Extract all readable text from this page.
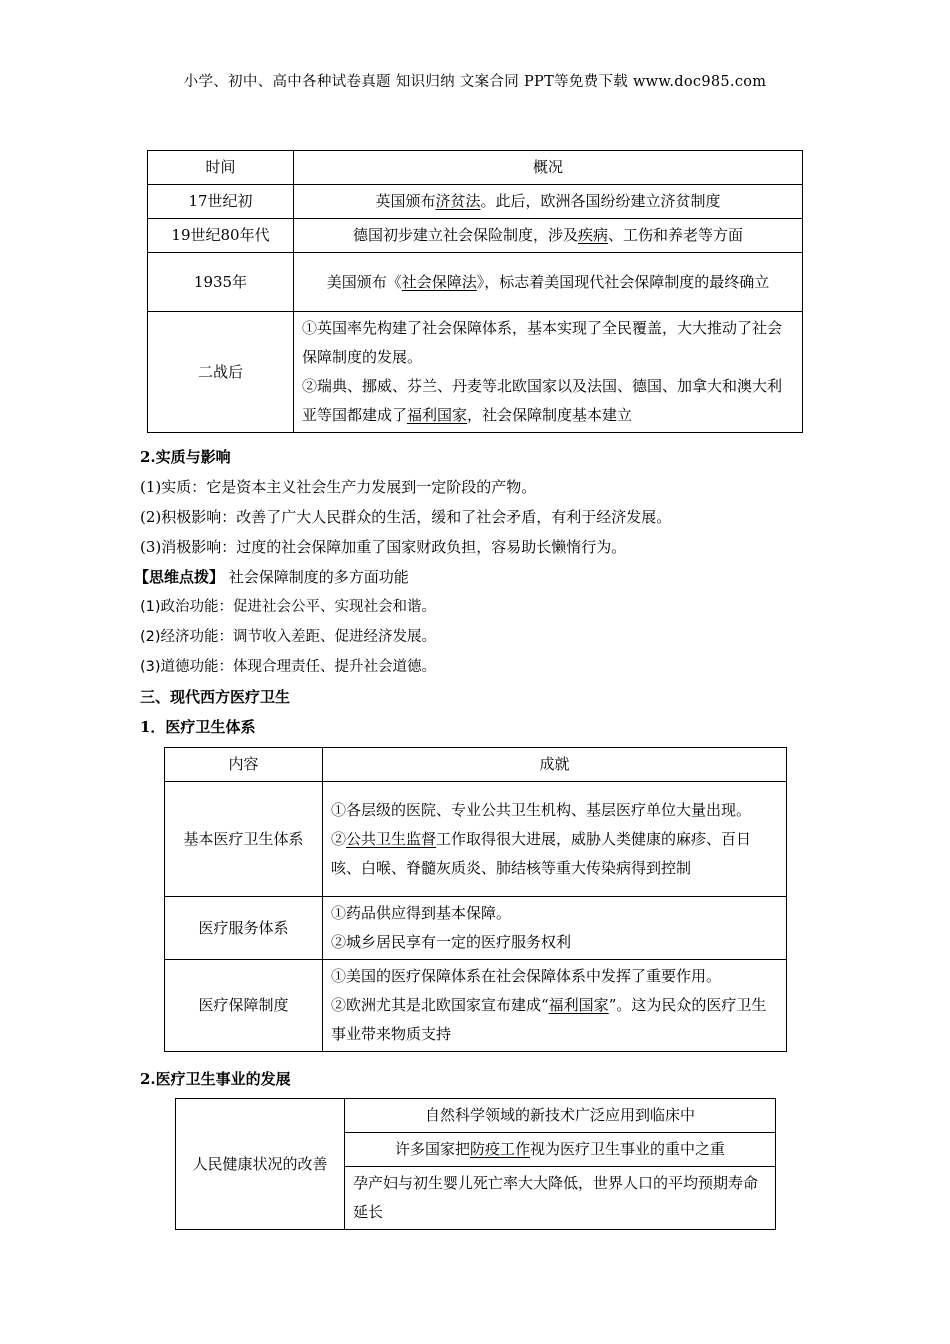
小学、初中、高中各种试卷真题 知识归纳 文案合同 PPT等免费下载 www.doc985.com
时间	概况
17世纪初	英国颁布济贫法。此后，欧洲各国纷纷建立济贫制度
19世纪80年代	德国初步建立社会保险制度，涉及疾病、工伤和养老等方面
1935年	美国颁布《社会保障法》，标志着美国现代社会保障制度的最终确立
二战后	①英国率先构建了社会保障体系，基本实现了全民覆盖，大大推动了社会保障制度的发展。
②瑞典、挪威、芬兰、丹麦等北欧国家以及法国、德国、加拿大和澳大利亚等国都建成了福利国家，社会保障制度基本建立
2.实质与影响
(1)实质：它是资本主义社会生产力发展到一定阶段的产物。
(2)积极影响：改善了广大人民群众的生活，缓和了社会矛盾，有利于经济发展。
(3)消极影响：过度的社会保障加重了国家财政负担，容易助长懒惰行为。
【思维点拨】 社会保障制度的多方面功能
(1)政治功能：促进社会公平、实现社会和谐。
(2)经济功能：调节收入差距、促进经济发展。
(3)道德功能：体现合理责任、提升社会道德。
三、现代西方医疗卫生
1．医疗卫生体系
内容	成就
基本医疗卫生体系	①各层级的医院、专业公共卫生机构、基层医疗单位大量出现。
②公共卫生监督工作取得很大进展，威胁人类健康的麻疹、百日咳、白喉、脊髓灰质炎、肺结核等重大传染病得到控制

医疗服务体系	①药品供应得到基本保障。
②城乡居民享有一定的医疗服务权利

医疗保障制度	①美国的医疗保障体系在社会保障体系中发挥了重要作用。
②欧洲尤其是北欧国家宣布建成“福利国家”。这为民众的医疗卫生事业带来物质支持
2.医疗卫生事业的发展
人民健康状况的改善	自然科学领域的新技术广泛应用到临床中
许多国家把防疫工作视为医疗卫生事业的重中之重
孕产妇与初生婴儿死亡率大大降低，世界人口的平均预期寿命延长
